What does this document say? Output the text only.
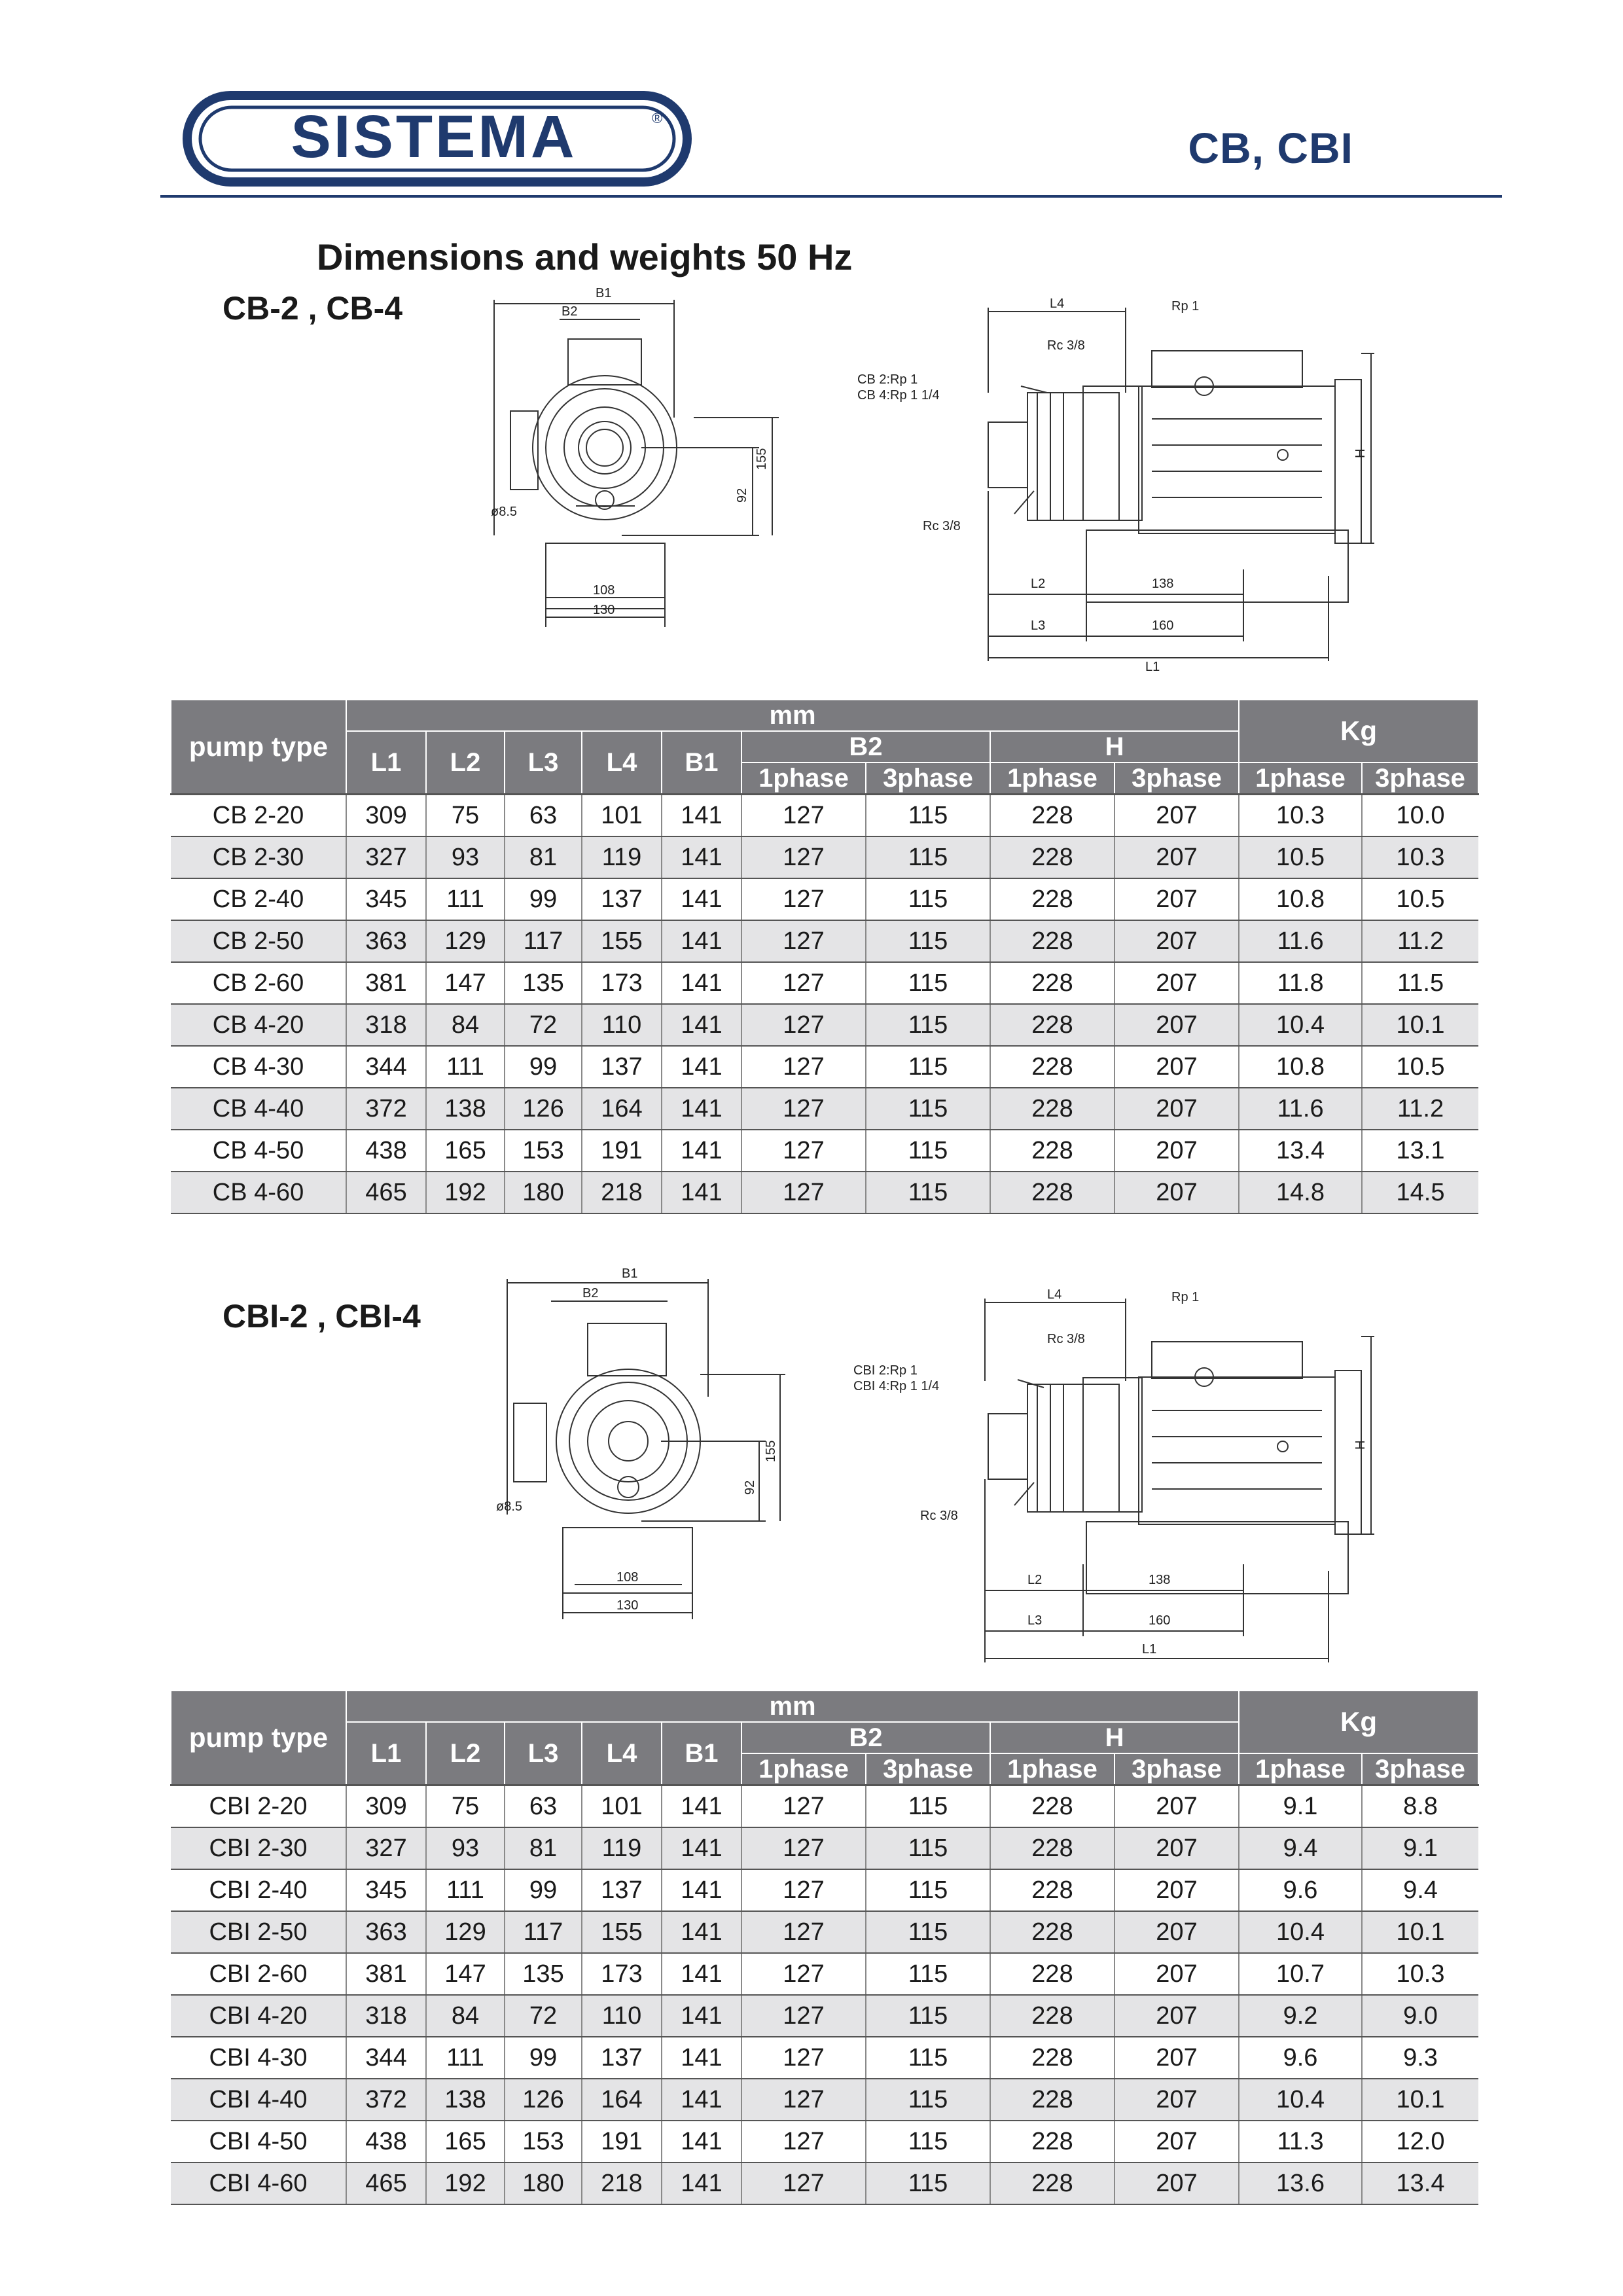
SISTEMA	®
CB, CBI
Dimensions and weights 50 Hz
CB-2 , CB-4	B1
B2
155
92
ø8.5
108
130
L4	Rp 1
Rc 3/8
CB 2:Rp 1
CB 4:Rp 1 1/4
Rc 3/8
H
L2	138
L3	160
L1
pump type	mm									Kg	
	L1	L2	L3	L4	B1	B2		H			
						1phase	3phase	1phase	3phase	1phase	3phase
CB 2-20	309	75	63	101	141	127	115	228	207	10.3	10.0
CB 2-30	327	93	81	119	141	127	115	228	207	10.5	10.3
CB 2-40	345	111	99	137	141	127	115	228	207	10.8	10.5
CB 2-50	363	129	117	155	141	127	115	228	207	11.6	11.2
CB 2-60	381	147	135	173	141	127	115	228	207	11.8	11.5
CB 4-20	318	84	72	110	141	127	115	228	207	10.4	10.1
CB 4-30	344	111	99	137	141	127	115	228	207	10.8	10.5
CB 4-40	372	138	126	164	141	127	115	228	207	11.6	11.2
CB 4-50	438	165	153	191	141	127	115	228	207	13.4	13.1
CB 4-60	465	192	180	218	141	127	115	228	207	14.8	14.5
CBI-2 , CBI-4
B1
B2
155
92
ø8.5
108
130
L4	Rp 1
Rc 3/8
CBI 2:Rp 1
CBI 4:Rp 1 1/4
Rc 3/8
H
L2	138
L3	160
L1
pump type	mm									Kg	
	L1	L2	L3	L4	B1	B2		H			
						1phase	3phase	1phase	3phase	1phase	3phase
CBI 2-20	309	75	63	101	141	127	115	228	207	9.1	8.8
CBI 2-30	327	93	81	119	141	127	115	228	207	9.4	9.1
CBI 2-40	345	111	99	137	141	127	115	228	207	9.6	9.4
CBI 2-50	363	129	117	155	141	127	115	228	207	10.4	10.1
CBI 2-60	381	147	135	173	141	127	115	228	207	10.7	10.3
CBI 4-20	318	84	72	110	141	127	115	228	207	9.2	9.0
CBI 4-30	344	111	99	137	141	127	115	228	207	9.6	9.3
CBI 4-40	372	138	126	164	141	127	115	228	207	10.4	10.1
CBI 4-50	438	165	153	191	141	127	115	228	207	11.3	12.0
CBI 4-60	465	192	180	218	141	127	115	228	207	13.6	13.4
